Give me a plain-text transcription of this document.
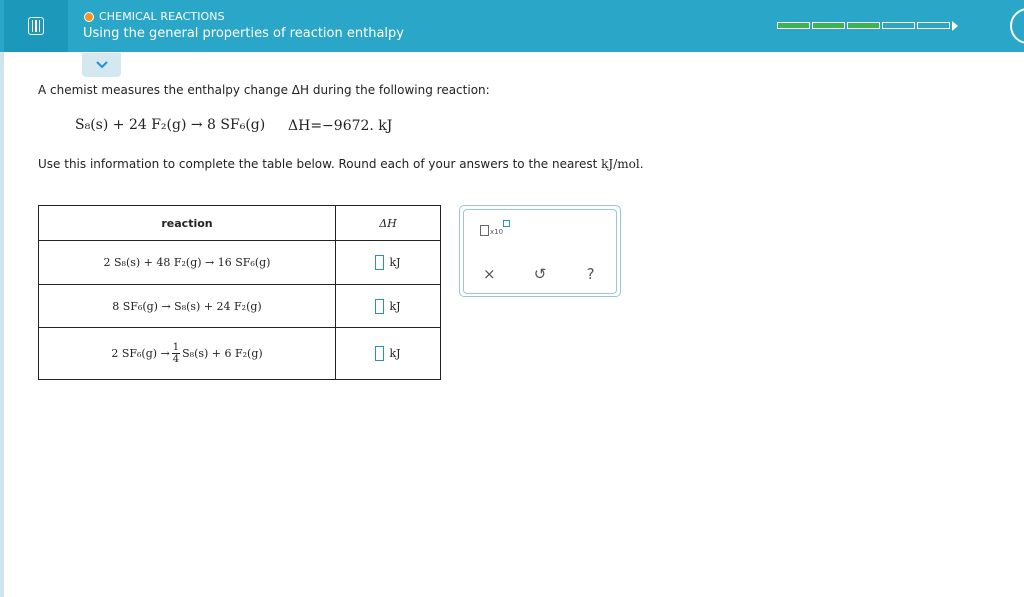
CHEMICAL REACTIONS
Using the general properties of reaction enthalpy
A chemist measures the enthalpy change ΔH during the following reaction:
S₈(s) + 24 F₂(g) → 8 SF₆(g) ΔH=−9672. kJ
Use this information to complete the table below. Round each of your answers to the nearest kJ/mol.
reaction	ΔH
2 S₈(s) + 48 F₂(g) → 16 SF₆(g)	kJ

8 SF₆(g) → S₈(s) + 24 F₂(g)	kJ

2 $SF_6(g) \to \frac{1}{4} S_8(s) + 6$ F₂(g)	kJ
x10
×	↺	?
